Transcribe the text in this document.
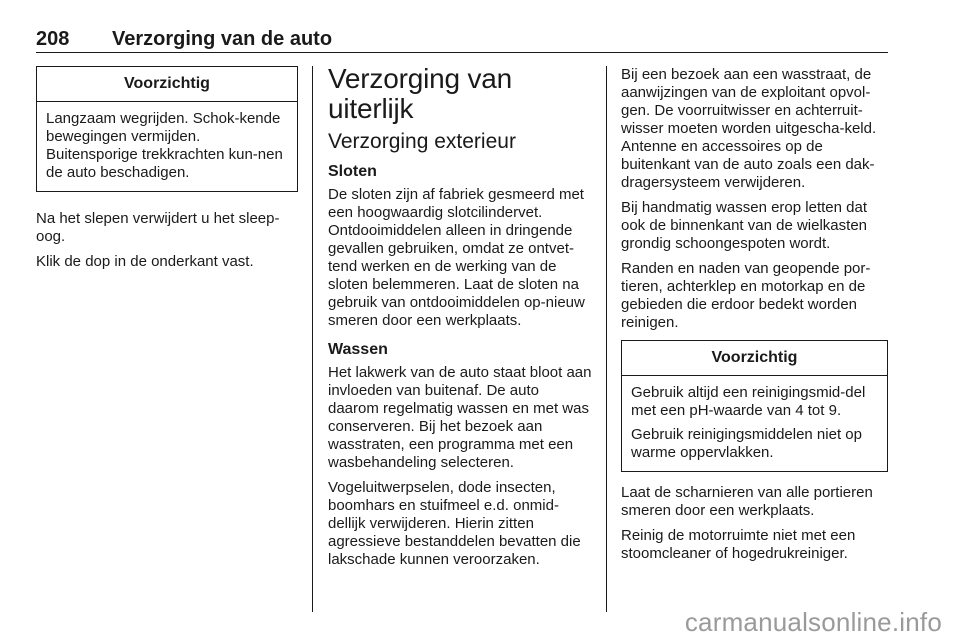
208 Verzorging van de auto
Voorzichtig

Langzaam wegrijden. Schok-kende bewegingen vermijden. Buitensporige trekkrachten kun-nen de auto beschadigen.

Na het slepen verwijdert u het sleep-oog.

Klik de dop in de onderkant vast.

Verzorging van uiterlijk
Verzorging exterieur
Sloten

De sloten zijn af fabriek gesmeerd met een hoogwaardig slotcilindervet. Ontdooimiddelen alleen in dringende gevallen gebruiken, omdat ze ontvet-tend werken en de werking van de sloten belemmeren. Laat de sloten na gebruik van ontdooimiddelen op-nieuw smeren door een werkplaats.

Wassen

Het lakwerk van de auto staat bloot aan invloeden van buitenaf. De auto daarom regelmatig wassen en met was conserveren. Bij het bezoek aan wasstraten, een programma met een wasbehandeling selecteren.

Vogeluitwerpselen, dode insecten, boomhars en stuifmeel e.d. onmid-dellijk verwijderen. Hierin zitten agressieve bestanddelen bevatten die lakschade kunnen veroorzaken.

Bij een bezoek aan een wasstraat, de aanwijzingen van de exploitant opvol-gen. De voorruitwisser en achterruit-wisser moeten worden uitgescha-keld. Antenne en accessoires op de buitenkant van de auto zoals een dak-dragersysteem verwijderen.

Bij handmatig wassen erop letten dat ook de binnenkant van de wielkasten grondig schoongespoten wordt.

Randen en naden van geopende por-tieren, achterklep en motorkap en de gebieden die erdoor bedekt worden reinigen.

Voorzichtig

Gebruik altijd een reinigingsmid-del met een pH-waarde van 4 tot 9.

Gebruik reinigingsmiddelen niet op warme oppervlakken.

Laat de scharnieren van alle portieren smeren door een werkplaats.

Reinig de motorruimte niet met een stoomcleaner of hogedrukreiniger.

carmanualsonline.info
